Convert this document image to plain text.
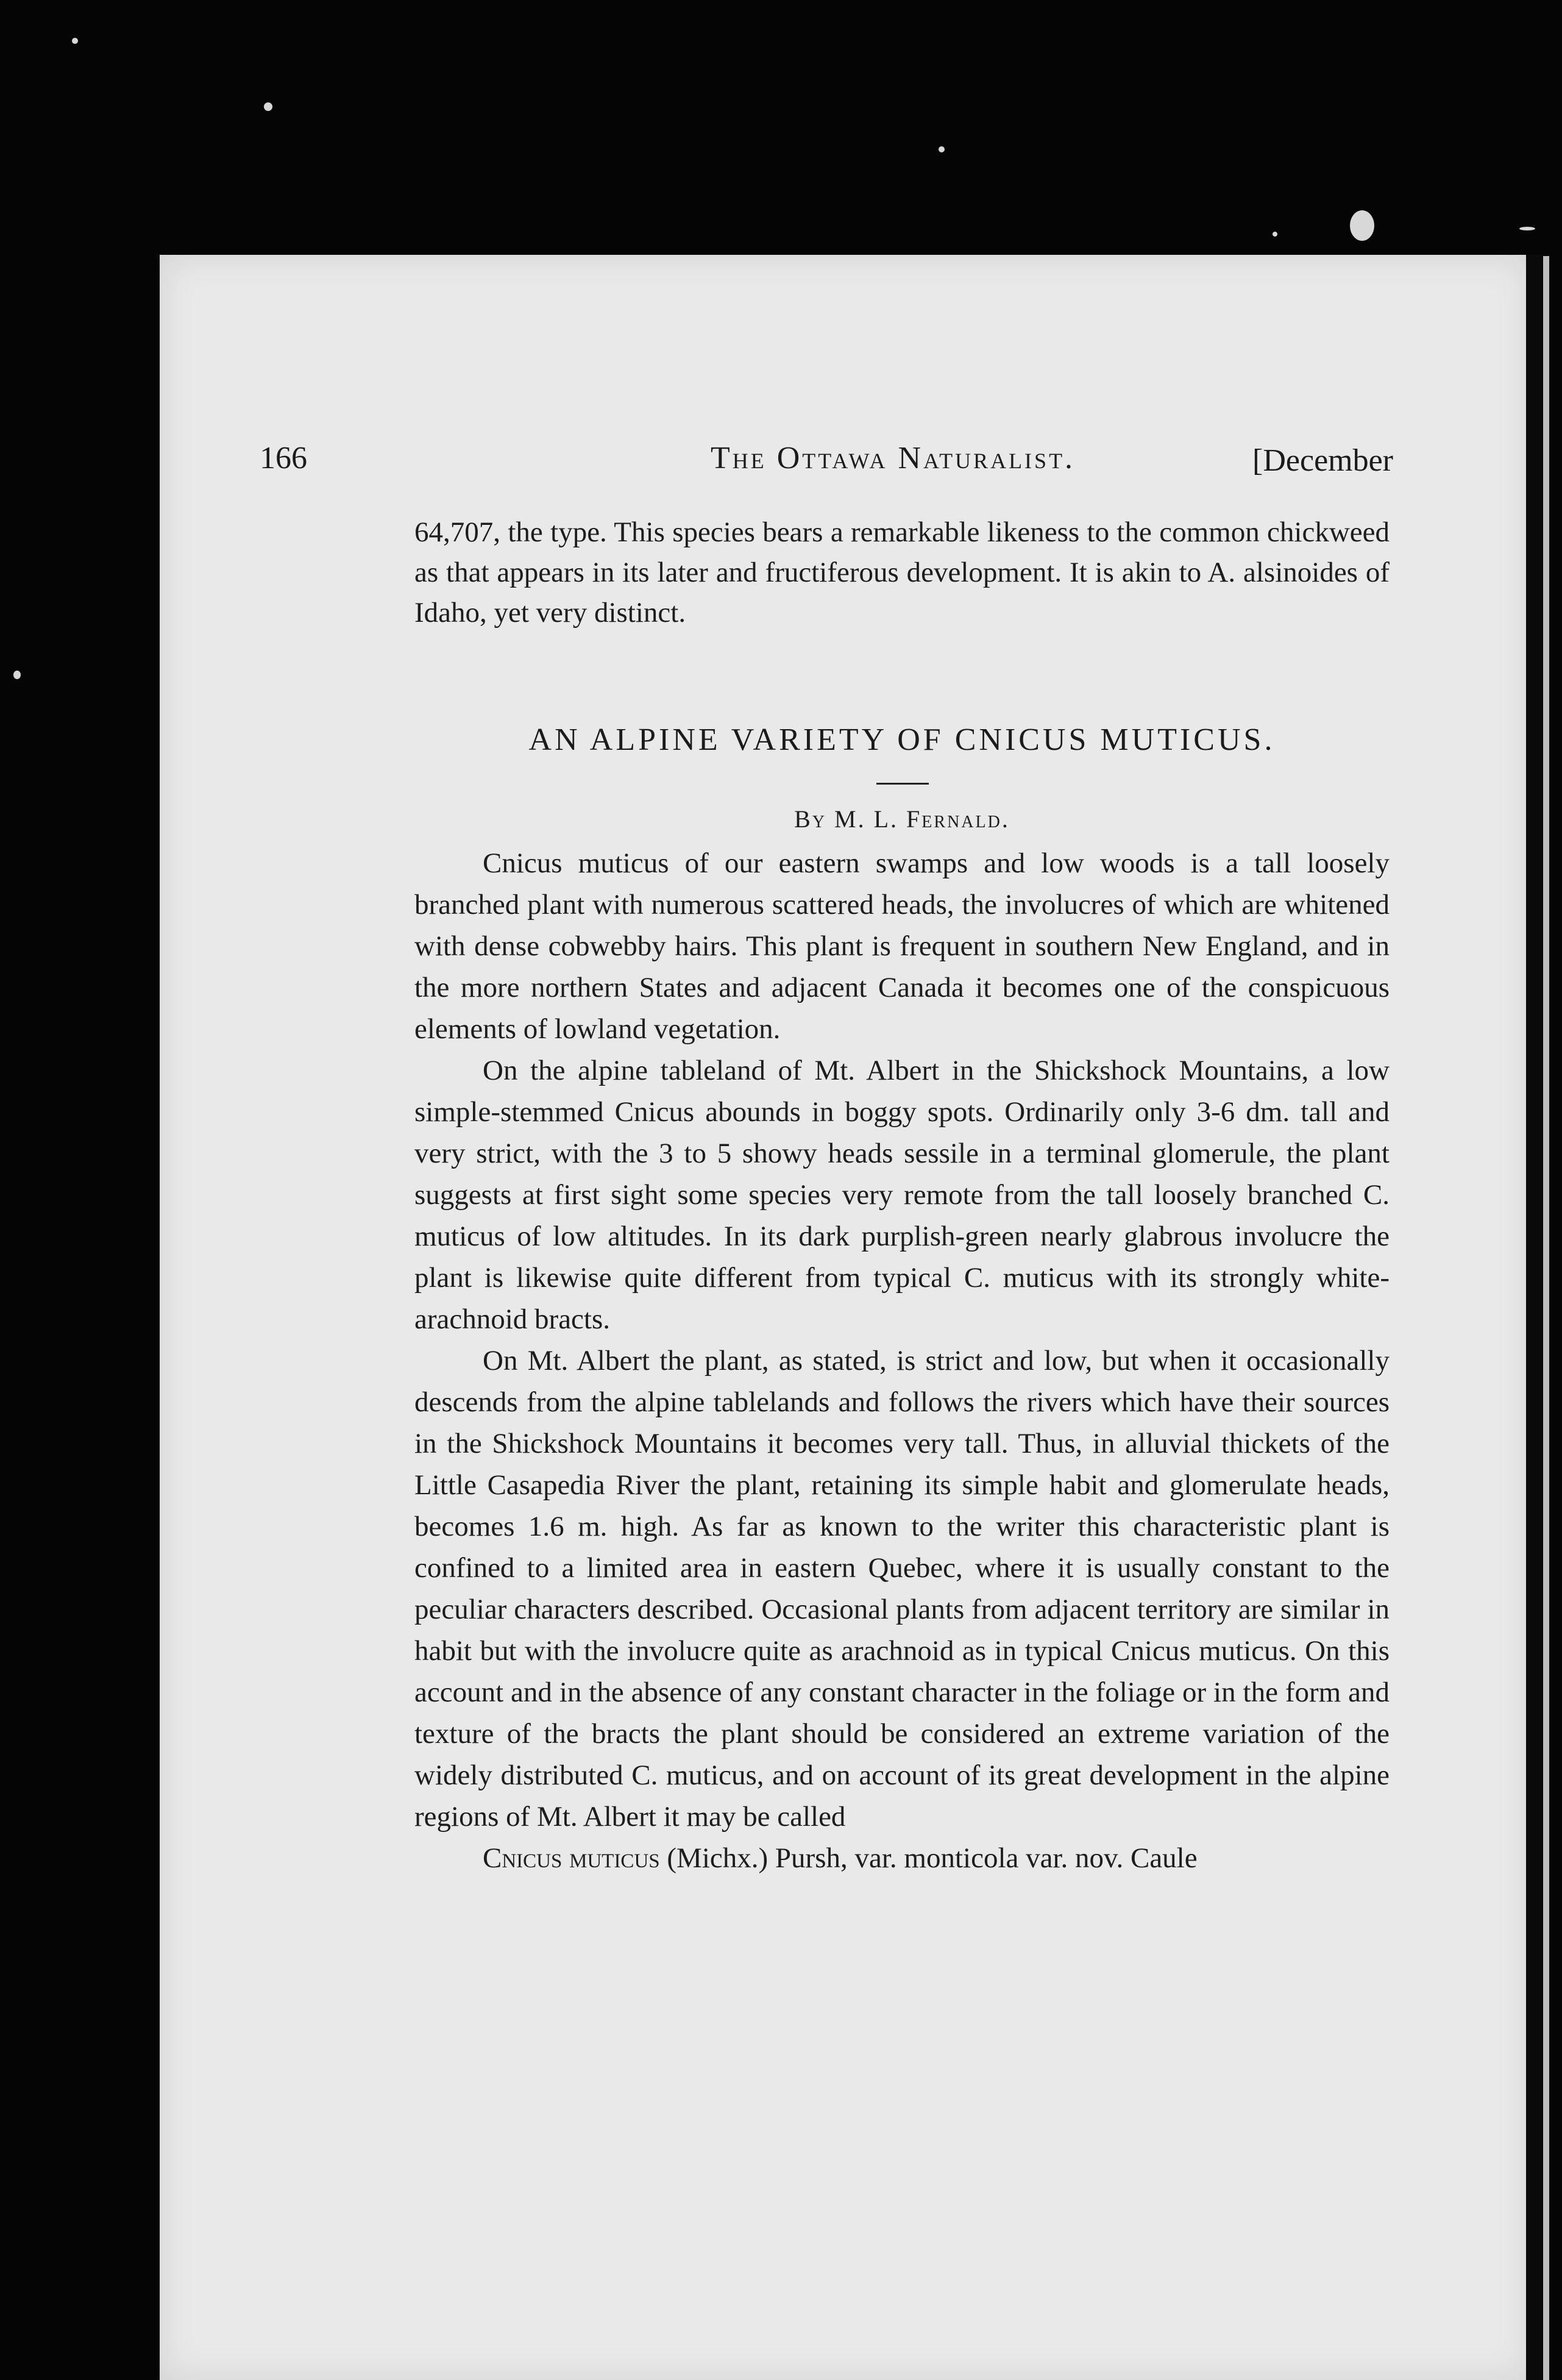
166	The Ottawa Naturalist.	[December

64,707, the type. This species bears a remarkable likeness to the common chickweed as that appears in its later and fructiferous development. It is akin to A. alsinoides of Idaho, yet very distinct.

AN ALPINE VARIETY OF CNICUS MUTICUS.
By M. L. Fernald.

Cnicus muticus of our eastern swamps and low woods is a tall loosely branched plant with numerous scattered heads, the involucres of which are whitened with dense cobwebby hairs. This plant is frequent in southern New England, and in the more northern States and adjacent Canada it becomes one of the conspicuous elements of lowland vegetation.

On the alpine tableland of Mt. Albert in the Shickshock Mountains, a low simple-stemmed Cnicus abounds in boggy spots. Ordinarily only 3-6 dm. tall and very strict, with the 3 to 5 showy heads sessile in a terminal glomerule, the plant suggests at first sight some species very remote from the tall loosely branched C. muticus of low altitudes. In its dark purplish-green nearly glabrous involucre the plant is likewise quite different from typical C. muticus with its strongly white-arachnoid bracts.

On Mt. Albert the plant, as stated, is strict and low, but when it occasionally descends from the alpine tablelands and follows the rivers which have their sources in the Shickshock Mountains it becomes very tall. Thus, in alluvial thickets of the Little Casapedia River the plant, retaining its simple habit and glomerulate heads, becomes 1.6 m. high. As far as known to the writer this characteristic plant is confined to a limited area in eastern Quebec, where it is usually constant to the peculiar characters described. Occasional plants from adjacent territory are similar in habit but with the involucre quite as arachnoid as in typical Cnicus muticus. On this account and in the absence of any constant character in the foliage or in the form and texture of the bracts the plant should be considered an extreme variation of the widely distributed C. muticus, and on account of its great development in the alpine regions of Mt. Albert it may be called

Cnicus muticus (Michx.) Pursh, var. monticola var. nov. Caule
